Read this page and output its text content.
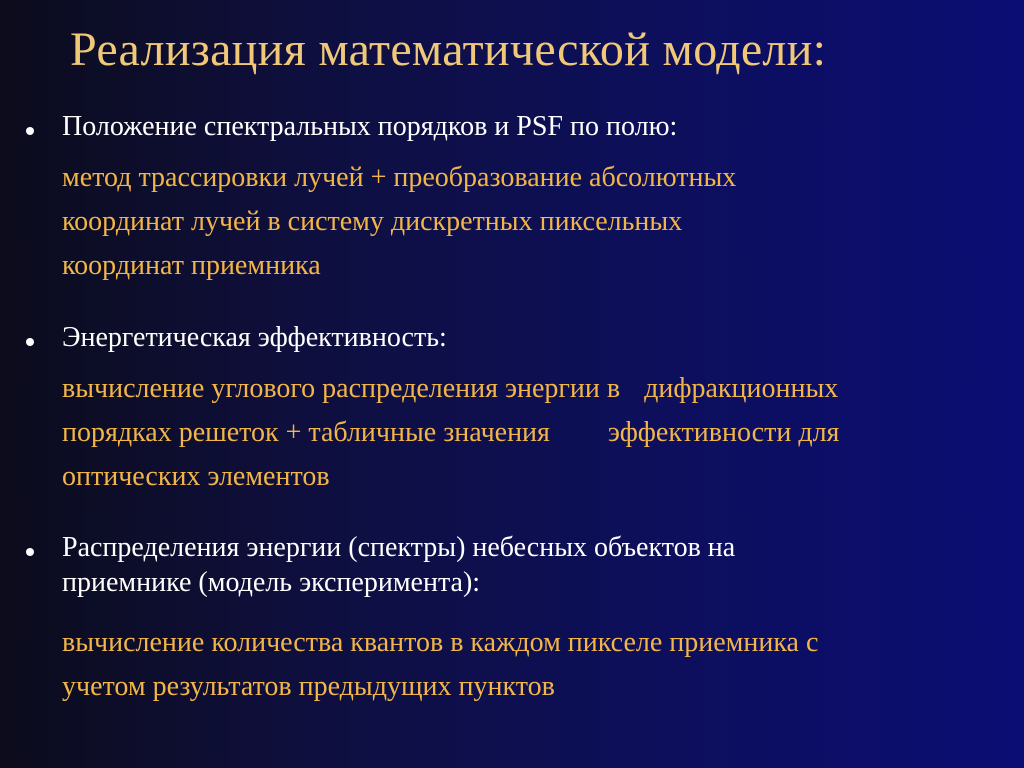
Реализация математической модели:
Положение спектральных порядков и PSF по полю:
метод трассировки лучей + преобразование абсолютных
координат лучей в систему дискретных пиксельных
координат приемника
Энергетическая эффективность:
вычисление углового распределения энергии в дифракционных
порядках решеток + табличные значения эффективности для
оптических элементов
Распределения энергии (спектры) небесных объектов на
приемнике (модель эксперимента):
вычисление количества квантов в каждом пикселе приемника с
учетом результатов предыдущих пунктов
